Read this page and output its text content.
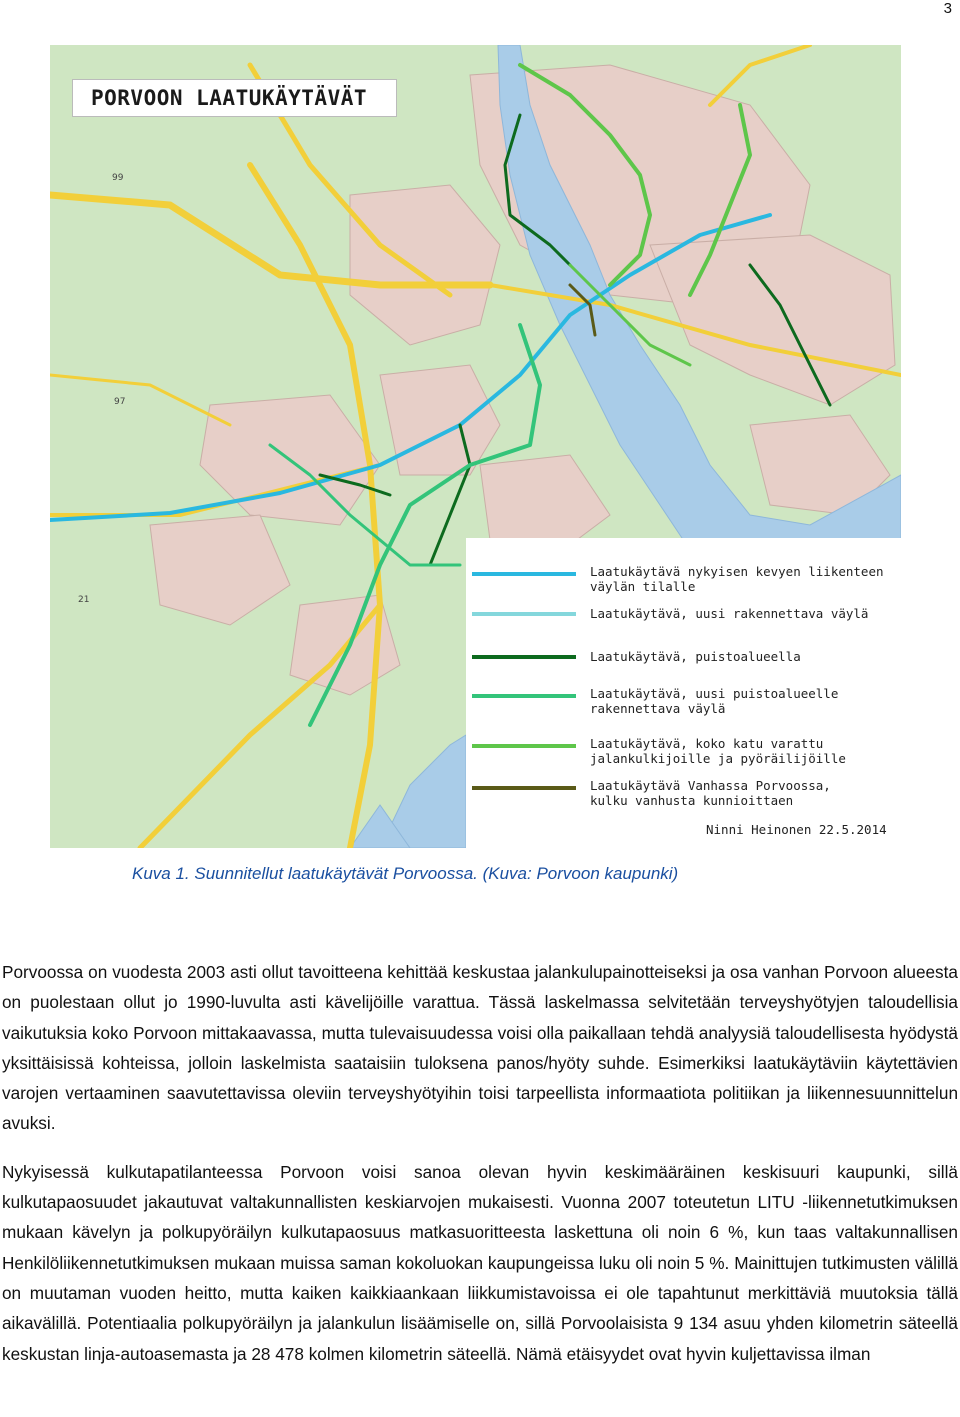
3
PORVOON LAATUKÄYTÄVÄT
99
97
21
Laatukäytävä nykyisen kevyen liikenteen
väylän tilalle
Laatukäytävä, uusi rakennettava väylä
Laatukäytävä, puistoalueella
Laatukäytävä, uusi puistoalueelle
rakennettava väylä
Laatukäytävä, koko katu varattu
jalankulkijoille ja pyöräilijöille
Laatukäytävä Vanhassa Porvoossa,
kulku vanhusta kunnioittaen
Ninni Heinonen 22.5.2014
Kuva 1. Suunnitellut laatukäytävät Porvoossa. (Kuva: Porvoon kaupunki)

Porvoossa on vuodesta 2003 asti ollut tavoitteena kehittää keskustaa jalankulupainotteiseksi ja osa vanhan Porvoon alueesta on puolestaan ollut jo 1990-luvulta asti kävelijöille varattua. Tässä laskelmassa selvitetään terveyshyötyjen taloudellisia vaikutuksia koko Porvoon mittakaavassa, mutta tulevaisuudessa voisi olla paikallaan tehdä analyysiä taloudellisesta hyödystä yksittäisissä kohteissa, jolloin laskelmista saataisiin tuloksena panos/hyöty suhde. Esimerkiksi laatukäytäviin käytettävien varojen vertaaminen saavutettavissa oleviin terveyshyötyihin toisi tarpeellista informaatiota politiikan ja liikennesuunnittelun avuksi.

Nykyisessä kulkutapatilanteessa Porvoon voisi sanoa olevan hyvin keskimääräinen keskisuuri kaupunki, sillä kulkutapaosuudet jakautuvat valtakunnallisten keskiarvojen mukaisesti. Vuonna 2007 toteutetun LITU -liikennetutkimuksen mukaan kävelyn ja polkupyöräilyn kulkutapaosuus matkasuoritteesta laskettuna oli noin 6 %, kun taas valtakunnallisen Henkilöliikennetutkimuksen mukaan muissa saman kokoluokan kaupungeissa luku oli noin 5 %. Mainittujen tutkimusten välillä on muutaman vuoden heitto, mutta kaiken kaikkiaankaan liikkumistavoissa ei ole tapahtunut merkittäviä muutoksia tällä aikavälillä. Potentiaalia polkupyöräilyn ja jalankulun lisäämiselle on, sillä Porvoolaisista 9 134 asuu yhden kilometrin säteellä keskustan linja-autoasemasta ja 28 478 kolmen kilometrin säteellä. Nämä etäisyydet ovat hyvin kuljettavissa ilman
